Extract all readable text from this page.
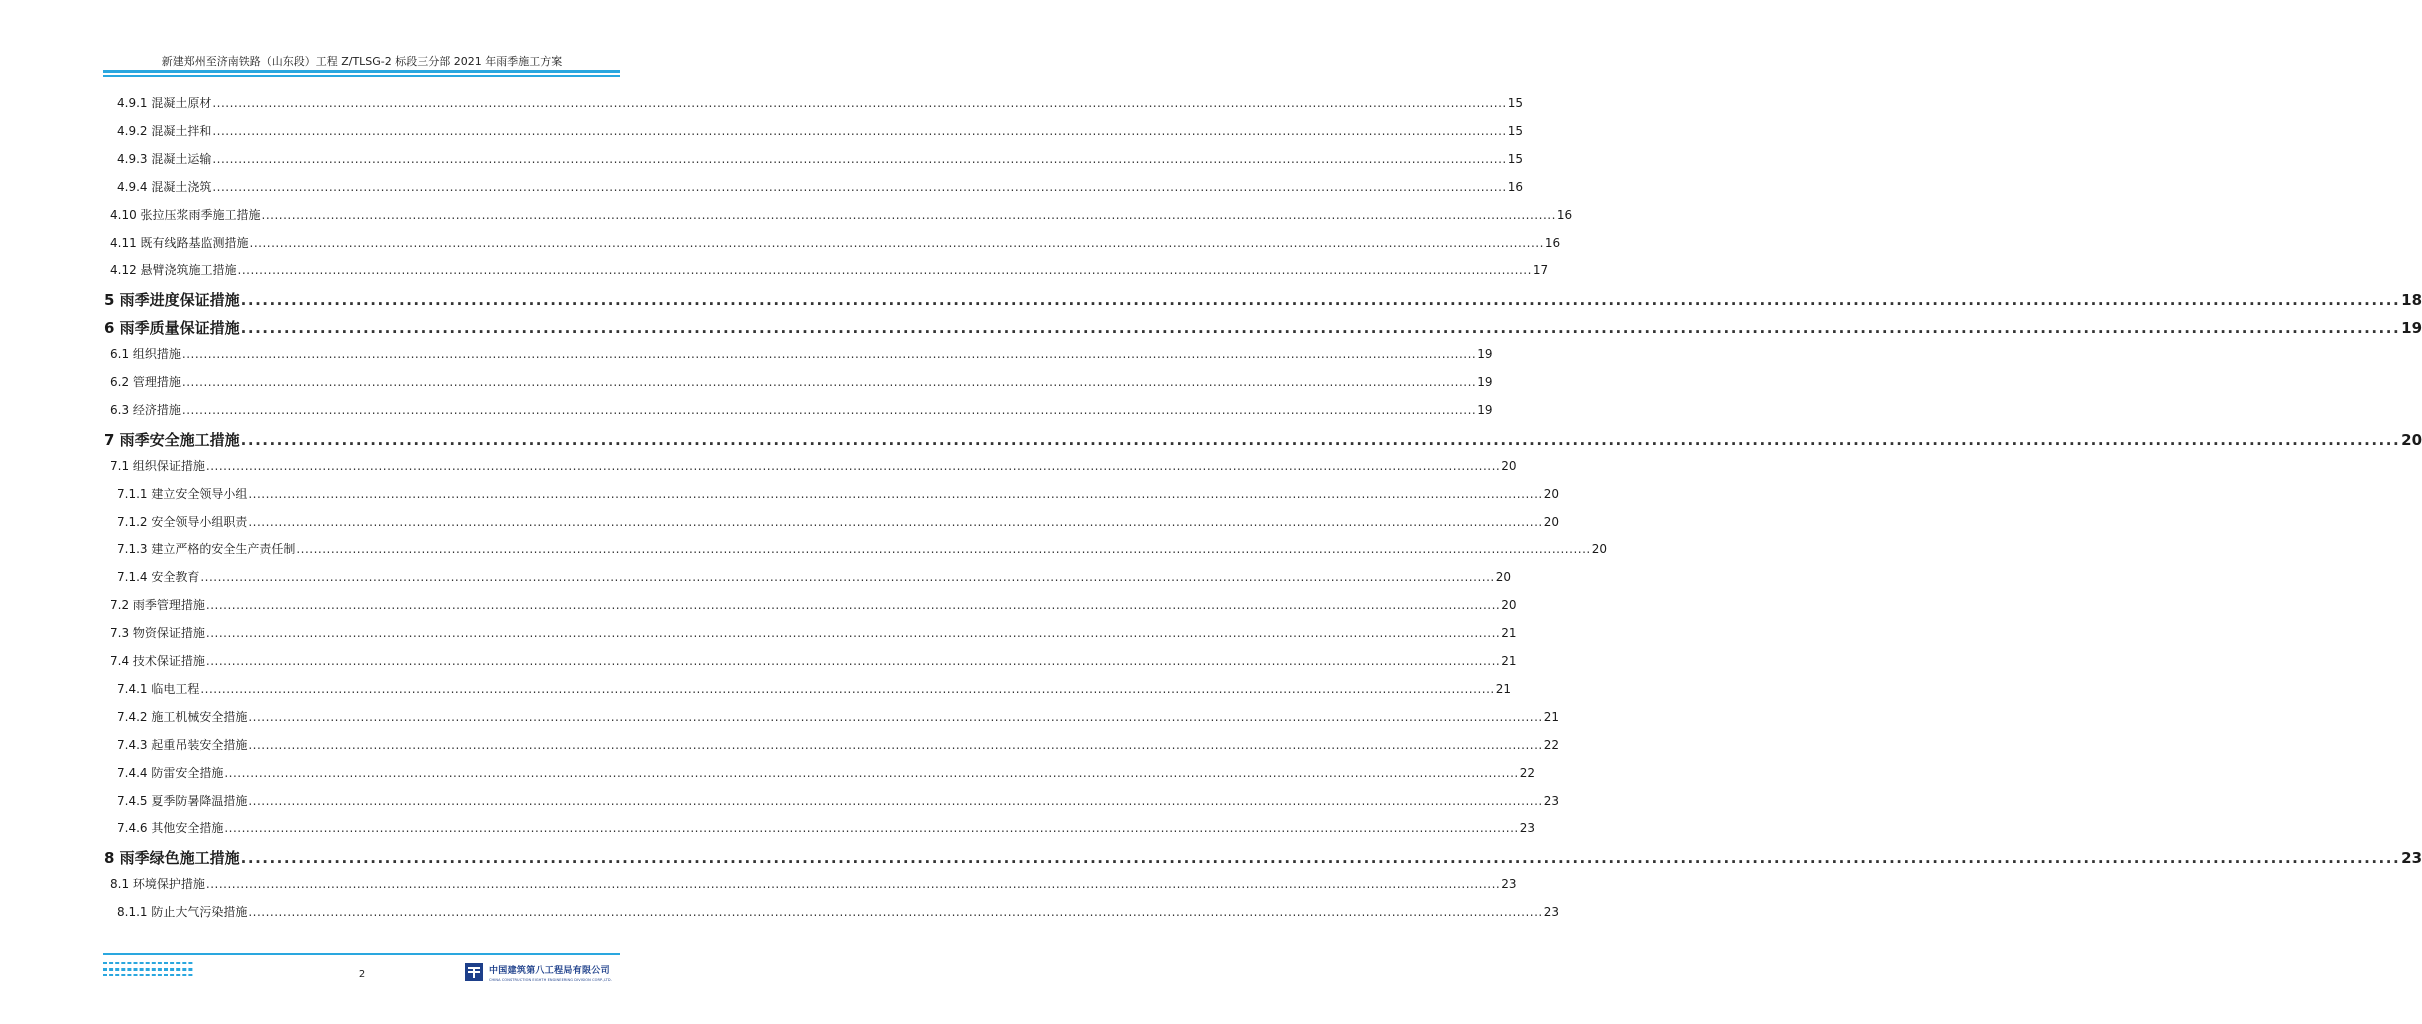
新建郑州至济南铁路（山东段）工程 Z/TLSG-2 标段三分部 2021 年雨季施工方案
4.9.1 混凝土原材 ............................................................................................................................................................................................................................................................................................................ 15
4.9.2 混凝土拌和 ............................................................................................................................................................................................................................................................................................................ 15
4.9.3 混凝土运输 ............................................................................................................................................................................................................................................................................................................ 15
4.9.4 混凝土浇筑 ............................................................................................................................................................................................................................................................................................................ 16
4.10 张拉压浆雨季施工措施 ............................................................................................................................................................................................................................................................................................................ 16
4.11 既有线路基监测措施 ............................................................................................................................................................................................................................................................................................................ 16
4.12 悬臂浇筑施工措施 ............................................................................................................................................................................................................................................................................................................ 17
5 雨季进度保证措施 ............................................................................................................................................................................................................................................................................................................ 18
6 雨季质量保证措施 ............................................................................................................................................................................................................................................................................................................ 19
6.1 组织措施 ............................................................................................................................................................................................................................................................................................................ 19
6.2 管理措施 ............................................................................................................................................................................................................................................................................................................ 19
6.3 经济措施 ............................................................................................................................................................................................................................................................................................................ 19
7 雨季安全施工措施 ............................................................................................................................................................................................................................................................................................................ 20
7.1 组织保证措施 ............................................................................................................................................................................................................................................................................................................ 20
7.1.1 建立安全领导小组 ............................................................................................................................................................................................................................................................................................................ 20
7.1.2 安全领导小组职责 ............................................................................................................................................................................................................................................................................................................ 20
7.1.3 建立严格的安全生产责任制 ............................................................................................................................................................................................................................................................................................................ 20
7.1.4 安全教育 ............................................................................................................................................................................................................................................................................................................ 20
7.2 雨季管理措施 ............................................................................................................................................................................................................................................................................................................ 20
7.3 物资保证措施 ............................................................................................................................................................................................................................................................................................................ 21
7.4 技术保证措施 ............................................................................................................................................................................................................................................................................................................ 21
7.4.1 临电工程 ............................................................................................................................................................................................................................................................................................................ 21
7.4.2 施工机械安全措施 ............................................................................................................................................................................................................................................................................................................ 21
7.4.3 起重吊装安全措施 ............................................................................................................................................................................................................................................................................................................ 22
7.4.4 防雷安全措施 ............................................................................................................................................................................................................................................................................................................ 22
7.4.5 夏季防暑降温措施 ............................................................................................................................................................................................................................................................................................................ 23
7.4.6 其他安全措施 ............................................................................................................................................................................................................................................................................................................ 23
8 雨季绿色施工措施 ............................................................................................................................................................................................................................................................................................................ 23
8.1 环境保护措施 ............................................................................................................................................................................................................................................................................................................ 23
8.1.1 防止大气污染措施 ............................................................................................................................................................................................................................................................................................................ 23
2	中国建筑第八工程局有限公司
CHINA CONSTRUCTION EIGHTH ENGINEERING DIVISION CORP.,LTD.
